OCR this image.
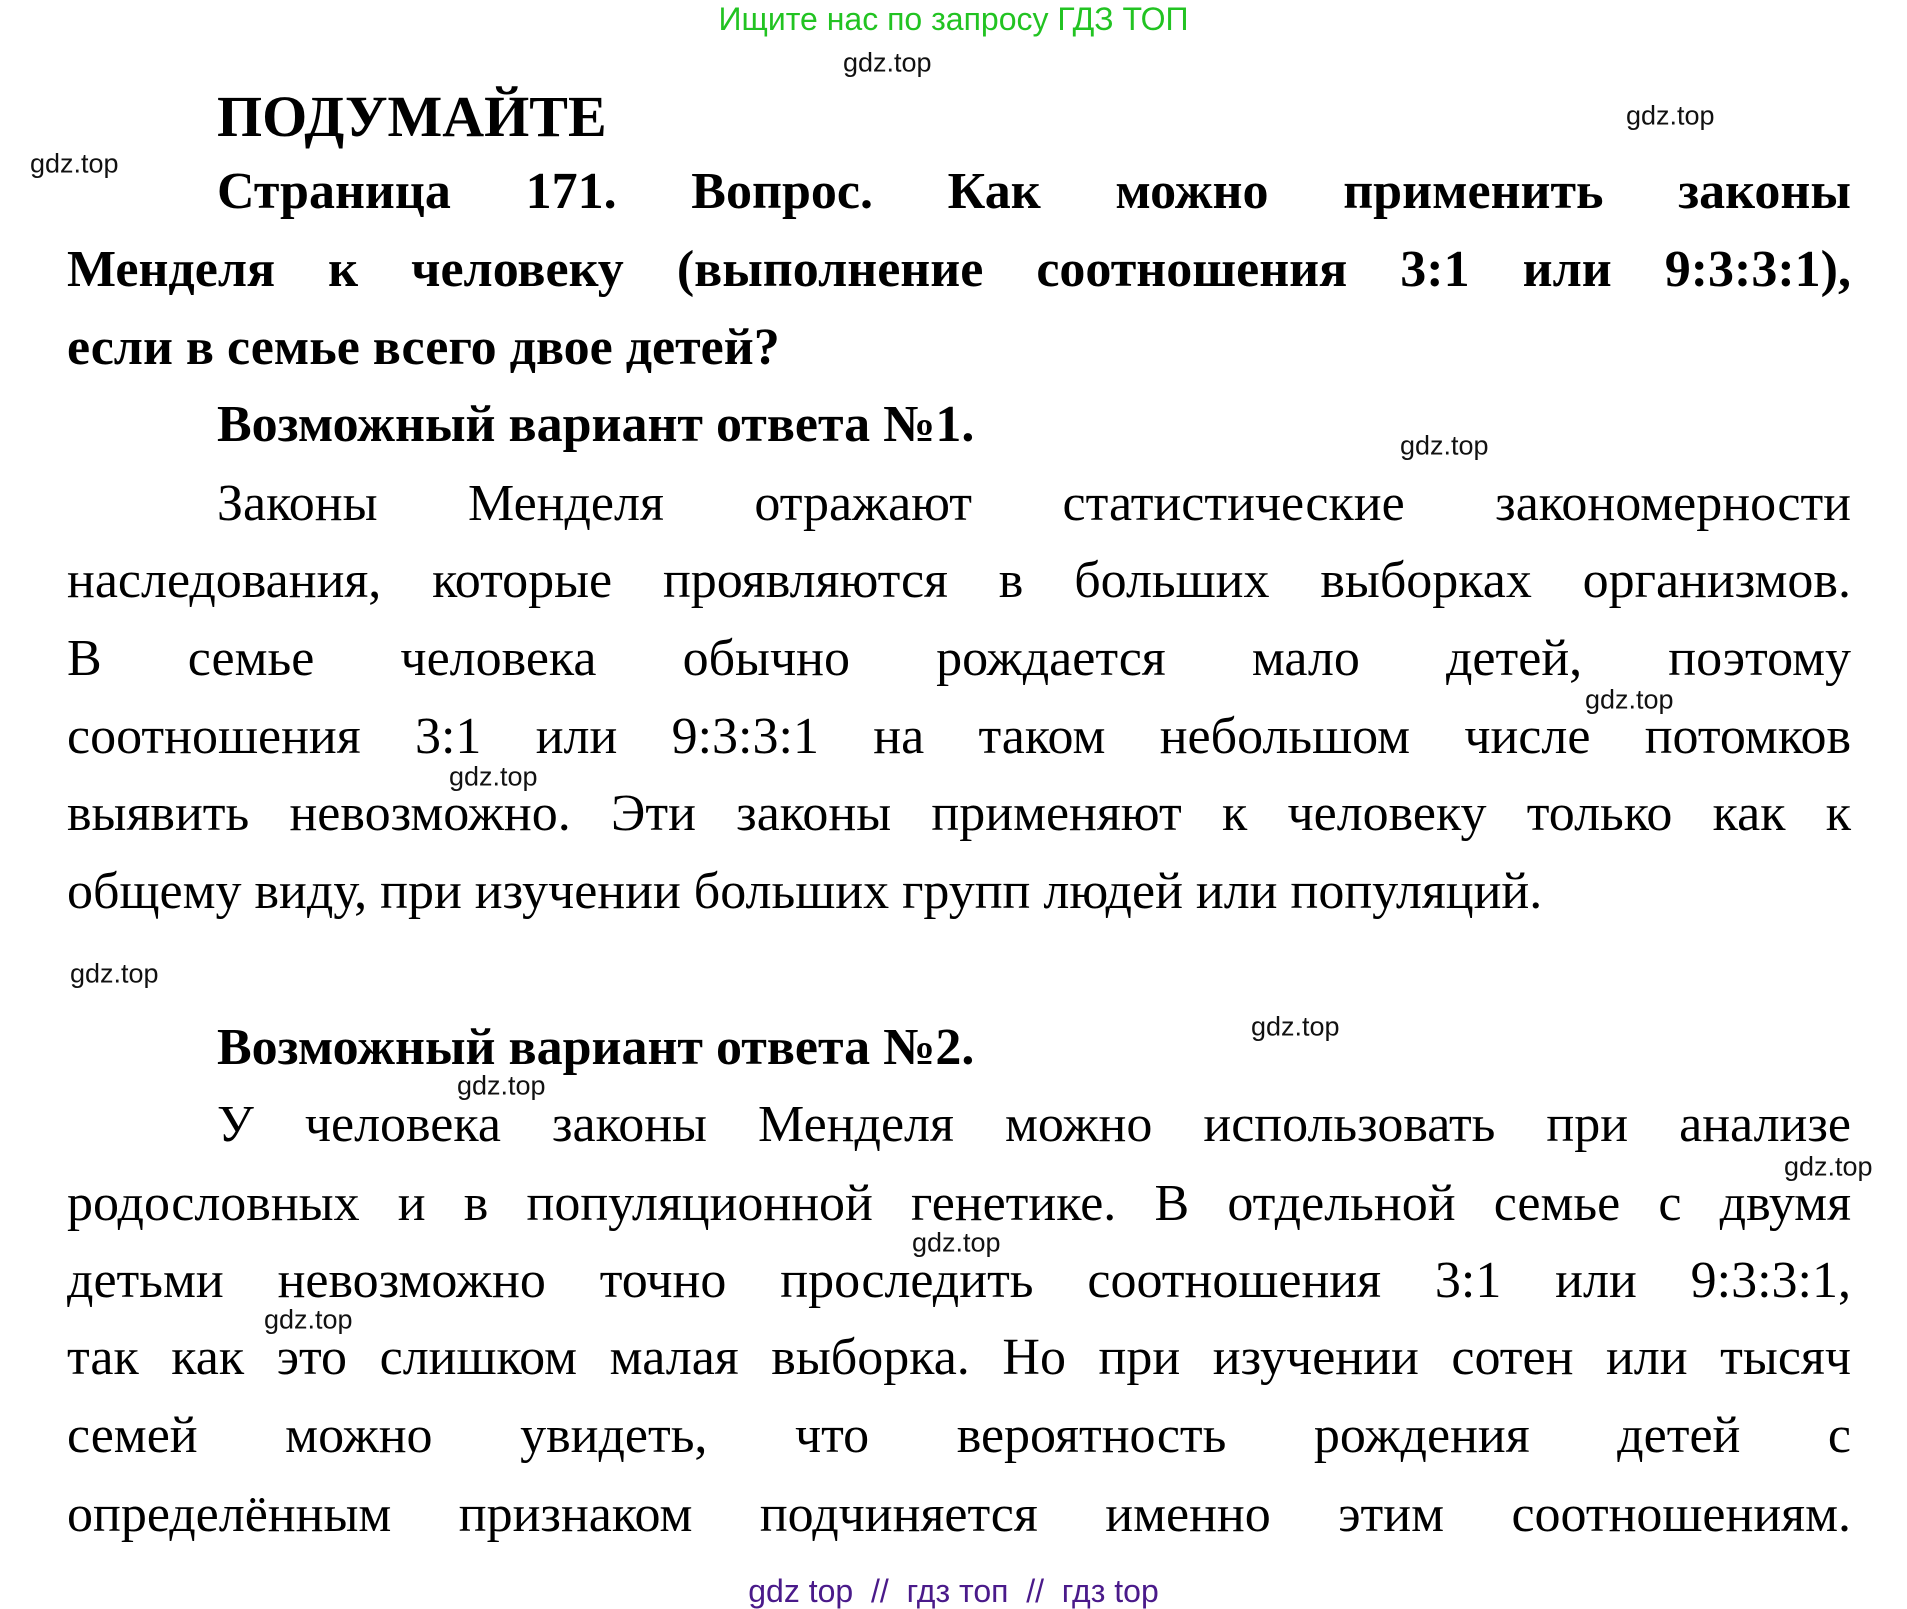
Ищите нас по запросу ГДЗ ТОП
ПОДУМАЙТЕ
Страница 171. Вопрос. Как можно применить законы
Менделя к человеку (выполнение соотношения 3:1 или 9:3:3:1),
если в семье всего двое детей?
Возможный вариант ответа №1.
Законы Менделя отражают статистические закономерности
наследования, которые проявляются в больших выборках организмов.
В семье человека обычно рождается мало детей, поэтому
соотношения 3:1 или 9:3:3:1 на таком небольшом числе потомков
выявить невозможно. Эти законы применяют к человеку только как к
общему виду, при изучении больших групп людей или популяций.
Возможный вариант ответа №2.
У человека законы Менделя можно использовать при анализе
родословных и в популяционной генетике. В отдельной семье с двумя
детьми невозможно точно проследить соотношения 3:1 или 9:3:3:1,
так как это слишком малая выборка. Но при изучении сотен или тысяч
семей можно увидеть, что вероятность рождения детей с
определённым признаком подчиняется именно этим соотношениям.
gdz.top
gdz.top
gdz.top
gdz.top
gdz.top
gdz.top
gdz.top
gdz.top
gdz.top
gdz.top
gdz.top
gdz.top
gdz top  //  гдз топ  //  гдз top
